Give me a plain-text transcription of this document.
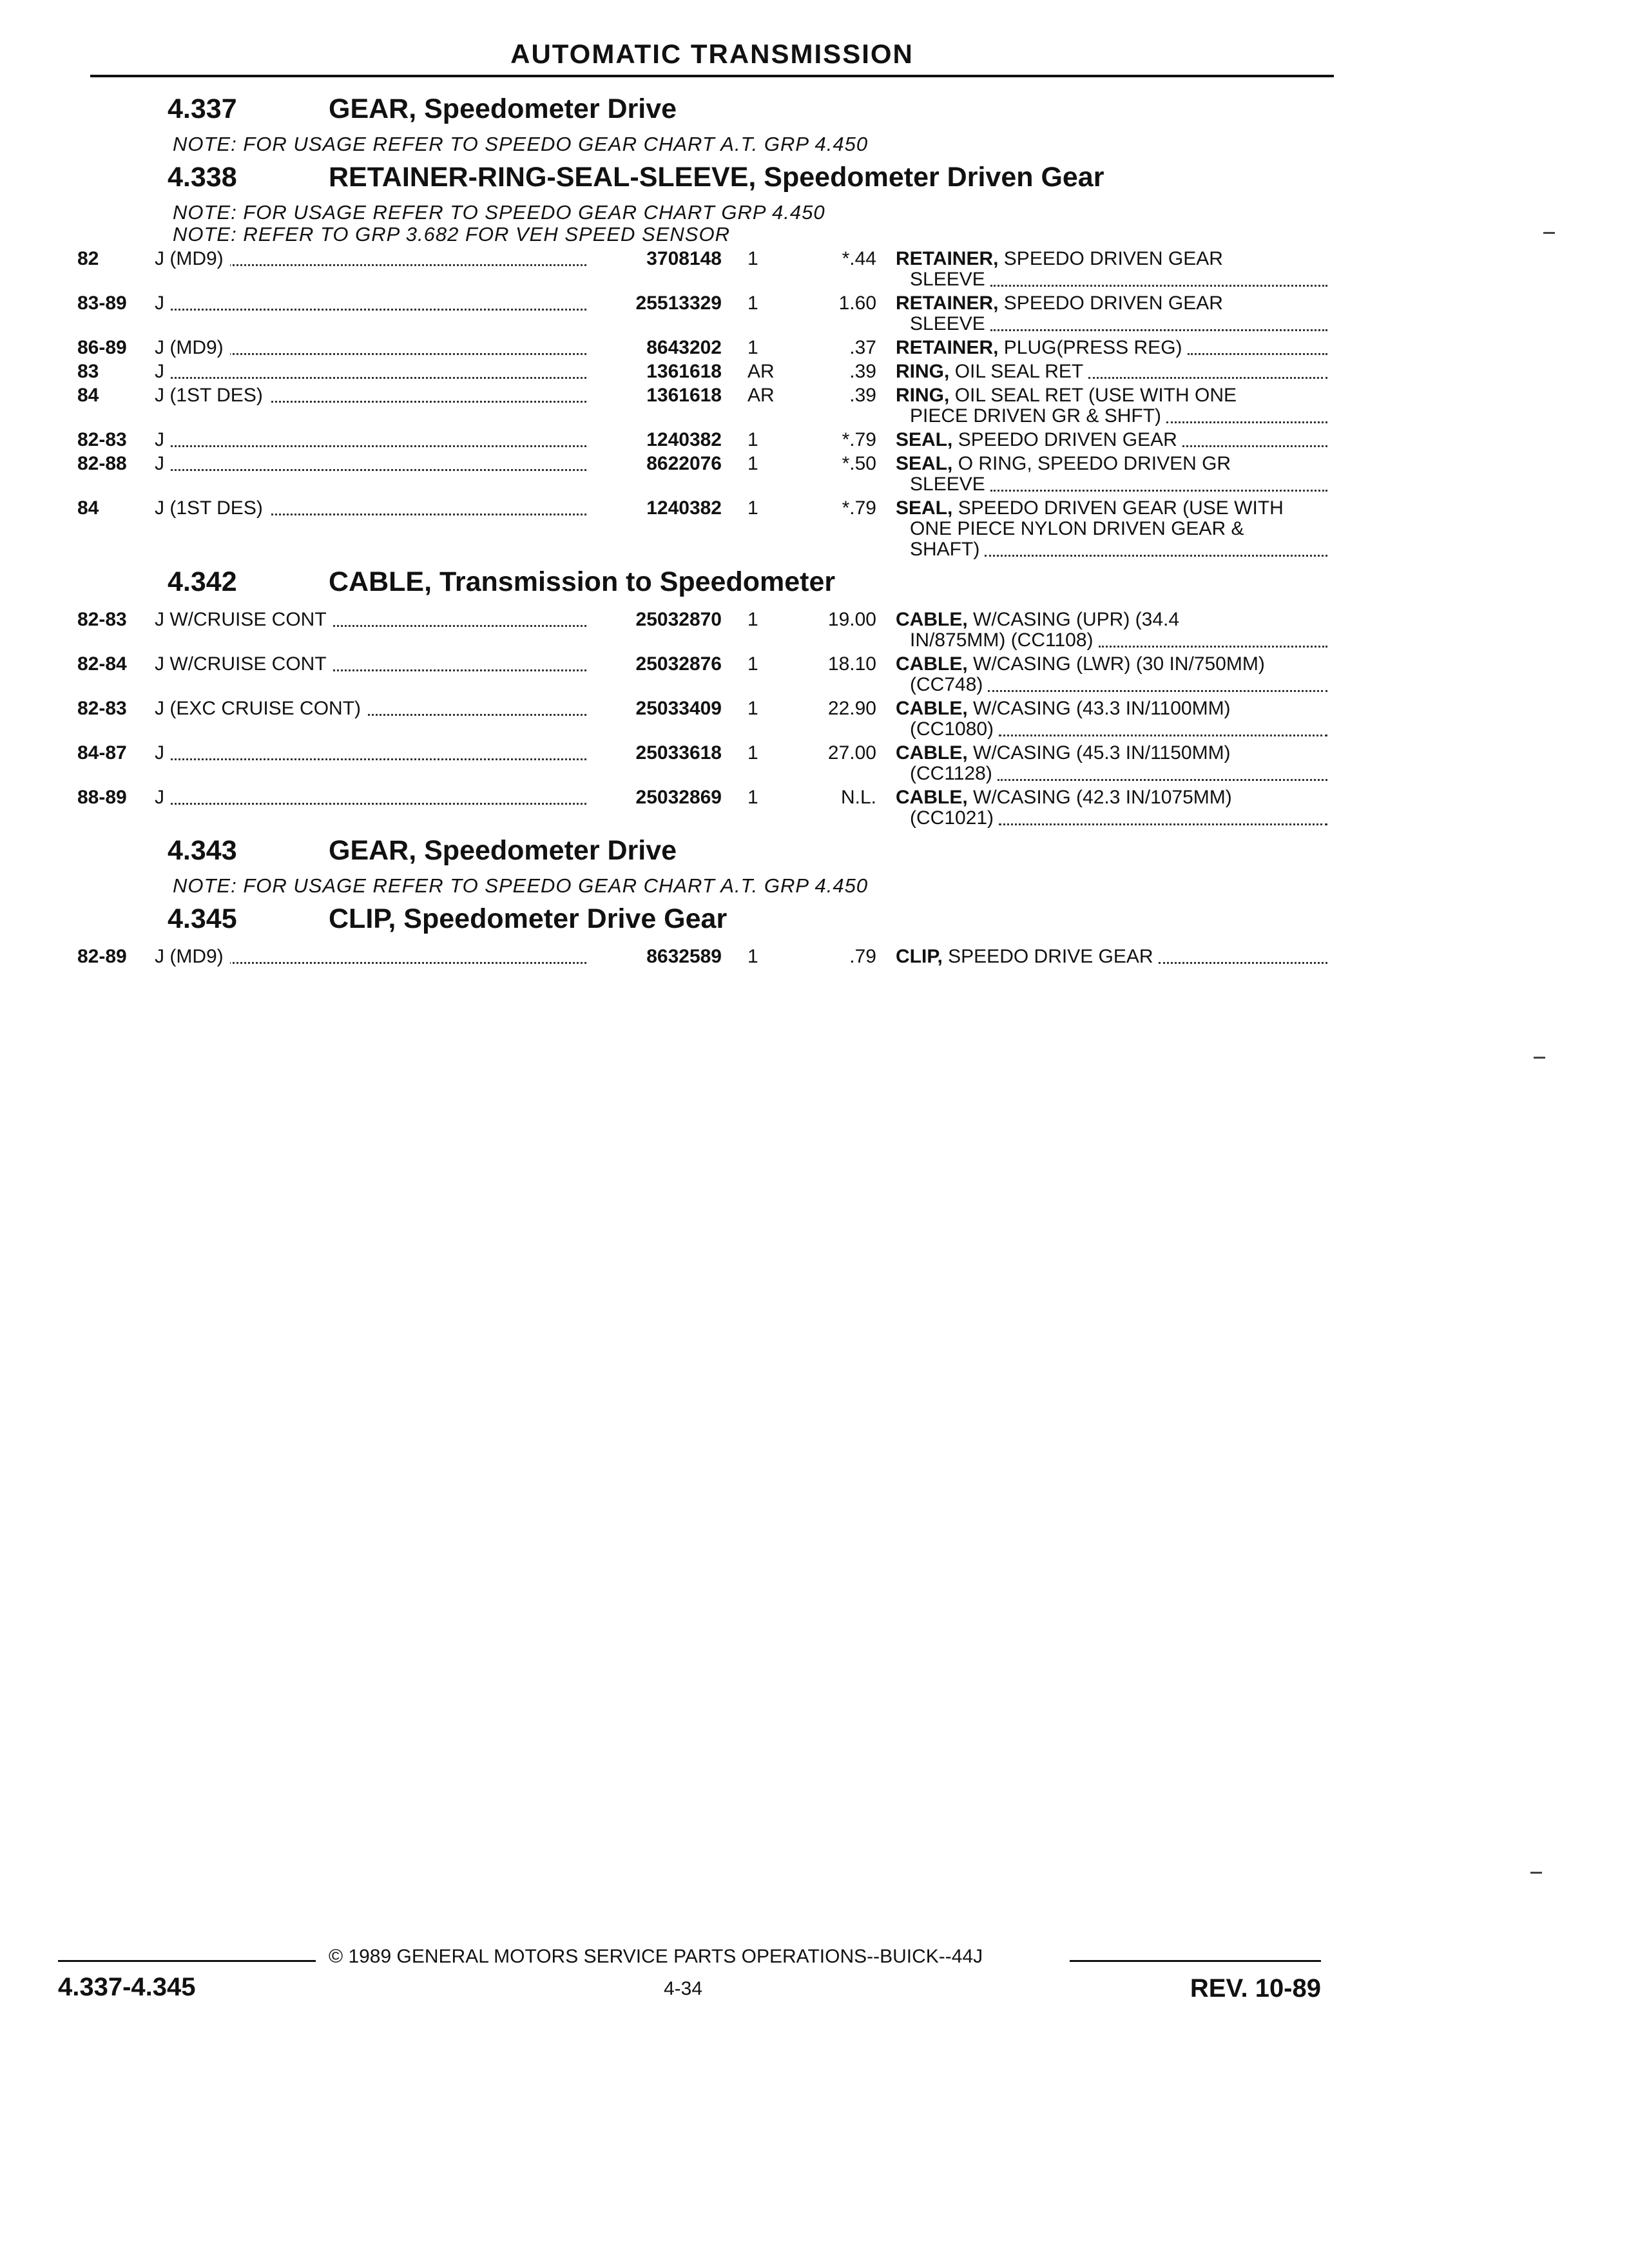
AUTOMATIC TRANSMISSION
4.337	GEAR, Speedometer Drive
NOTE: FOR USAGE REFER TO SPEEDO GEAR CHART A.T. GRP 4.450
4.338	RETAINER-RING-SEAL-SLEEVE, Speedometer Driven Gear
NOTE: FOR USAGE REFER TO SPEEDO GEAR CHART GRP 4.450
NOTE: REFER TO GRP 3.682 FOR VEH SPEED SENSOR
82	J (MD9)	3708148	1	*.44 RETAINER, SPEEDO DRIVEN GEAR
SLEEVE
83-89	J	25513329	1	1.60 RETAINER, SPEEDO DRIVEN GEAR
SLEEVE
86-89	J (MD9)	8643202	1	.37 RETAINER, PLUG(PRESS REG)
83	J	1361618	AR	.39 RING, OIL SEAL RET
84	J (1ST DES)	1361618	AR	.39 RING, OIL SEAL RET (USE WITH ONE
PIECE DRIVEN GR & SHFT)
82-83	J	1240382	1	*.79 SEAL, SPEEDO DRIVEN GEAR
82-88	J	8622076	1	*.50 SEAL, O RING, SPEEDO DRIVEN GR
SLEEVE
84	J (1ST DES)	1240382	1	*.79 SEAL, SPEEDO DRIVEN GEAR (USE WITH
ONE PIECE NYLON DRIVEN GEAR &
SHAFT)
4.342	CABLE, Transmission to Speedometer
82-83	J W/CRUISE CONT	25032870	1	19.00 CABLE, W/CASING (UPR) (34.4
IN/875MM) (CC1108)
82-84	J W/CRUISE CONT	25032876	1	18.10 CABLE, W/CASING (LWR) (30 IN/750MM)
(CC748)
82-83	J (EXC CRUISE CONT)	25033409	1	22.90 CABLE, W/CASING (43.3 IN/1100MM)
(CC1080)
84-87	J	25033618	1	27.00 CABLE, W/CASING (45.3 IN/1150MM)
(CC1128)
88-89	J	25032869	1	N.L. CABLE, W/CASING (42.3 IN/1075MM)
(CC1021)
4.343	GEAR, Speedometer Drive
NOTE: FOR USAGE REFER TO SPEEDO GEAR CHART A.T. GRP 4.450
4.345	CLIP, Speedometer Drive Gear
82-89	J (MD9)	8632589	1	.79 CLIP, SPEEDO DRIVE GEAR
© 1989 GENERAL MOTORS SERVICE PARTS OPERATIONS--BUICK--44J
4.337-4.345	4-34	REV. 10-89
